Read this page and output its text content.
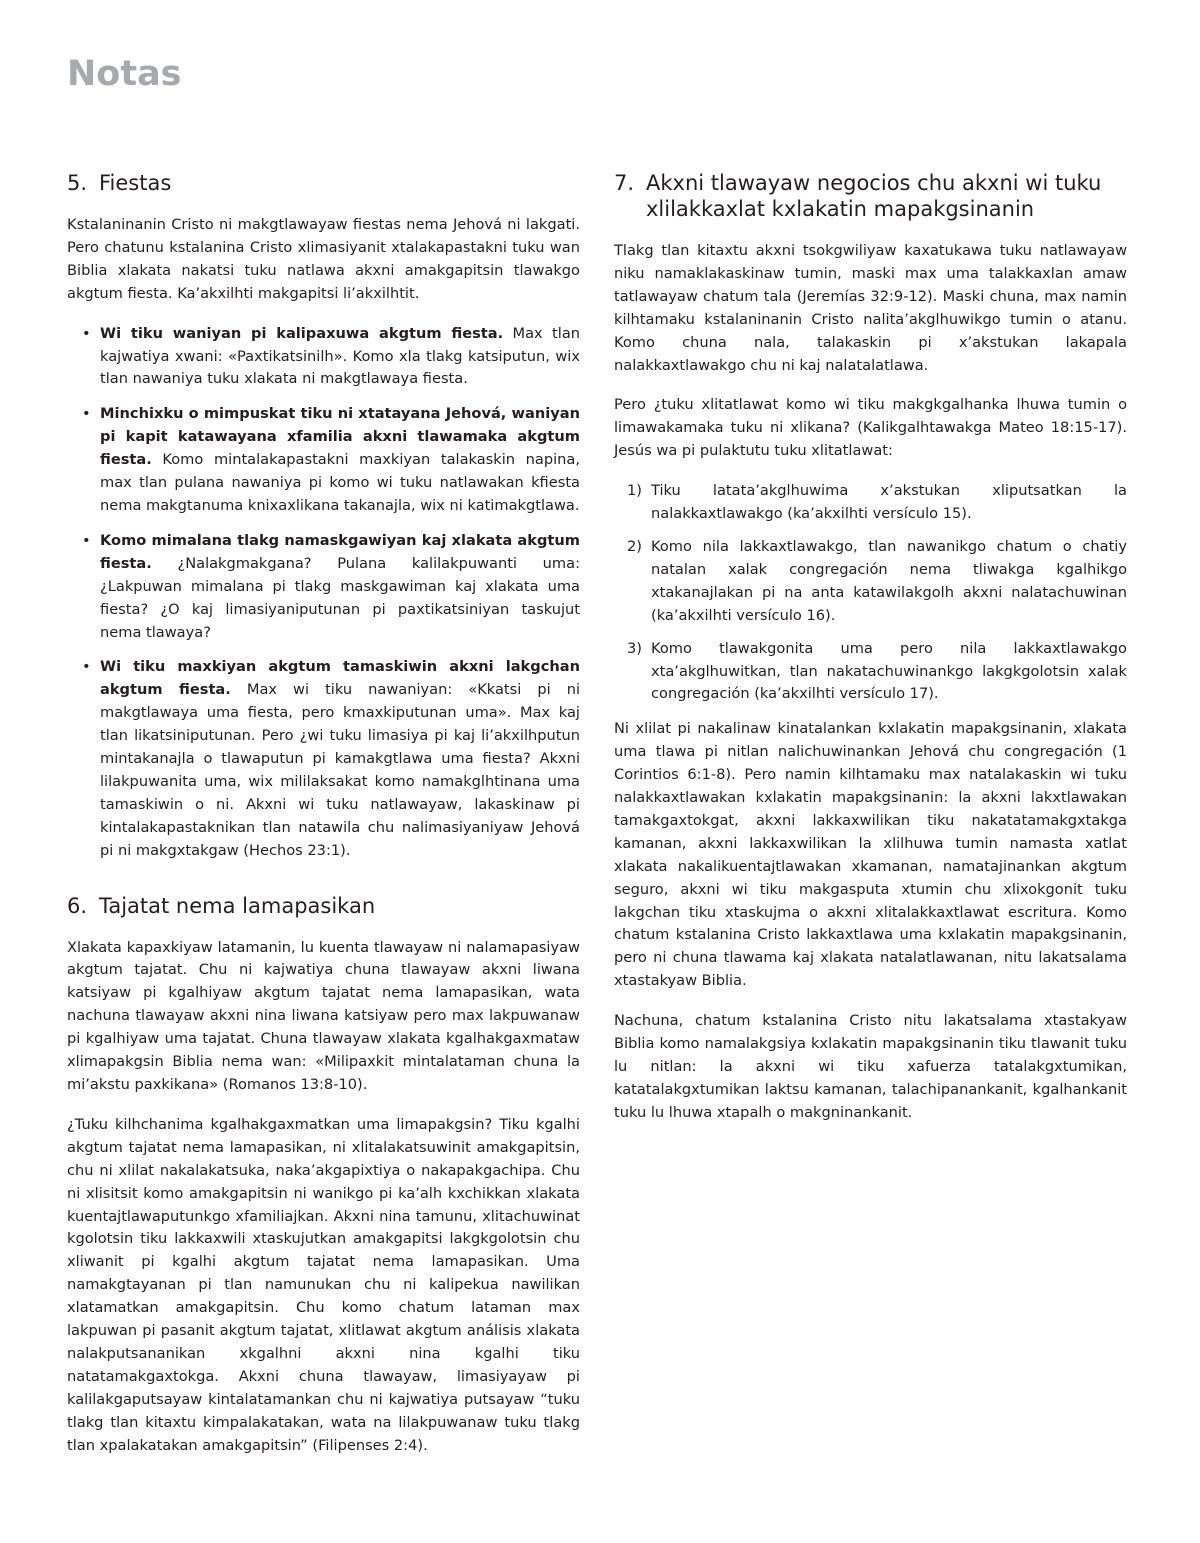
Notas
5. Fiestas

Kstalaninanin Cristo ni makgtlawayaw fiestas nema Jehová ni lakgati. Pero chatunu kstalanina Cristo xlimasiyanit xtalakapastakni tuku wan Biblia xlakata nakatsi tuku natlawa akxni amakgapitsin tlawakgo akgtum fiesta. Ka’akxilhti makgapitsi li’akxilhtit.

• Wi tiku waniyan pi kalipaxuwa akgtum fiesta. Max tlan kajwatiya xwani: «Paxtikatsinilh». Komo xla tlakg katsiputun, wix tlan nawaniya tuku xlakata ni makgtlawaya fiesta.
• Minchixku o mimpuskat tiku ni xtatayana Jehová, waniyan pi kapit katawayana xfamilia akxni tlawamaka akgtum fiesta. Komo mintalakapastakni maxkiyan talakaskin napina, max tlan pulana nawaniya pi komo wi tuku natlawakan kfiesta nema makgtanuma knixaxlikana takanajla, wix ni katimakgtlawa.
• Komo mimalana tlakg namaskgawiyan kaj xlakata akgtum fiesta. ¿Nalakgmakgana? Pulana kalilakpuwanti uma: ¿Lakpuwan mimalana pi tlakg maskgawiman kaj xlakata uma fiesta? ¿O kaj limasiyaniputunan pi paxtikatsiniyan taskujut nema tlawaya?
• Wi tiku maxkiyan akgtum tamaskiwin akxni lakgchan akgtum fiesta. Max wi tiku nawaniyan: «Kkatsi pi ni makgtlawaya uma fiesta, pero kmaxkiputunan uma». Max kaj tlan likatsiniputunan. Pero ¿wi tuku limasiya pi kaj li’akxilhputun mintakanajla o tlawaputun pi kamakgtlawa uma fiesta? Akxni lilakpuwanita uma, wix mililaksakat komo namakglhtinana uma tamaskiwin o ni. Akxni wi tuku natlawayaw, lakaskinaw pi kintalakapastaknikan tlan natawila chu nalimasiyaniyaw Jehová pi ni makgxtakgaw (Hechos 23:1).
6. Tajatat nema lamapasikan

Xlakata kapaxkiyaw latamanin, lu kuenta tlawayaw ni nalamapasiyaw akgtum tajatat. Chu ni kajwatiya chuna tlawayaw akxni liwana katsiyaw pi kgalhiyaw akgtum tajatat nema lamapasikan, wata nachuna tlawayaw akxni nina liwana katsiyaw pero max lakpuwanaw pi kgalhiyaw uma tajatat. Chuna tlawayaw xlakata kgalhakgaxmataw xlimapakgsin Biblia nema wan: «Milipaxkit mintalataman chuna la mi’akstu paxkikana» (Romanos 13:8-10).

¿Tuku kilhchanima kgalhakgaxmatkan uma limapakgsin? Tiku kgalhi akgtum tajatat nema lamapasikan, ni xlitalakatsuwinit amakgapitsin, chu ni xlilat nakalakatsuka, naka’akgapixtiya o nakapakgachipa. Chu ni xlisitsit komo amakgapitsin ni wanikgo pi ka’alh kxchikkan xlakata kuentajtlawaputunkgo xfamiliajkan. Akxni nina tamunu, xlitachuwinat kgolotsin tiku lakkaxwili xtaskujutkan amakgapitsi lakgkgolotsin chu xliwanit pi kgalhi akgtum tajatat nema lamapasikan. Uma namakgtayanan pi tlan namunukan chu ni kalipekua nawilikan xlatamatkan amakgapitsin. Chu komo chatum lataman max lakpuwan pi pasanit akgtum tajatat, xlitlawat akgtum análisis xlakata nalakputsananikan xkgalhni akxni nina kgalhi tiku natatamakgaxtokga. Akxni chuna tlawayaw, limasiyayaw pi kalilakgaputsayaw kintalatamankan chu ni kajwatiya putsayaw “tuku tlakg tlan kitaxtu kimpalakatakan, wata na lilakpuwanaw tuku tlakg tlan xpalakatakan amakgapitsin” (Filipenses 2:4).

7. Akxni tlawayaw negocios chu akxni wi tuku xlilakkaxlat kxlakatin mapakgsinanin

Tlakg tlan kitaxtu akxni tsokgwiliyaw kaxatukawa tuku natlawayaw niku namaklakaskinaw tumin, maski max uma talakkaxlan amaw tatlawayaw chatum tala (Jeremías 32:9-12). Maski chuna, max namin kilhtamaku kstalaninanin Cristo nalita’akglhuwikgo tumin o atanu. Komo chuna nala, talakaskin pi x’akstukan lakapala nalakkaxtlawakgo chu ni kaj nalatalatlawa.

Pero ¿tuku xlitatlawat komo wi tiku makgkgalhanka lhuwa tumin o limawakamaka tuku ni xlikana? (Kalikgalhtawakga Mateo 18:15-17). Jesús wa pi pulaktutu tuku xlitatlawat:

1) Tiku latata’akglhuwima x’akstukan xliputsatkan la nalakkaxtlawakgo (ka’akxilhti versículo 15).
2) Komo nila lakkaxtlawakgo, tlan nawanikgo chatum o chatiy natalan xalak congregación nema tliwakga kgalhikgo xtakanajlakan pi na anta katawilakgolh akxni nalatachuwinan (ka’akxilhti versículo 16).
3) Komo tlawakgonita uma pero nila lakkaxtlawakgo xta’akglhuwitkan, tlan nakatachuwinankgo lakgkgolotsin xalak congregación (ka’akxilhti versículo 17).

Ni xlilat pi nakalinaw kinatalankan kxlakatin mapakgsinanin, xlakata uma tlawa pi nitlan nalichuwinankan Jehová chu congregación (1 Corintios 6:1-8). Pero namin kilhtamaku max natalakaskin wi tuku nalakkaxtlawakan kxlakatin mapakgsinanin: la akxni lakxtlawakan tamakgaxtokgat, akxni lakkaxwilikan tiku nakatatamakgxtakga kamanan, akxni lakkaxwilikan la xlilhuwa tumin namasta xatlat xlakata nakalikuentajtlawakan xkamanan, namatajinankan akgtum seguro, akxni wi tiku makgasputa xtumin chu xlixokgonit tuku lakgchan tiku xtaskujma o akxni xlitalakkaxtlawat escritura. Komo chatum kstalanina Cristo lakkaxtlawa uma kxlakatin mapakgsinanin, pero ni chuna tlawama kaj xlakata natalatlawanan, nitu lakatsalama xtastakyaw Biblia.

Nachuna, chatum kstalanina Cristo nitu lakatsalama xtastakyaw Biblia komo namalakgsiya kxlakatin mapakgsinanin tiku tlawanit tuku lu nitlan: la akxni wi tiku xafuerza tatalakgxtumikan, katatalakgxtumikan laktsu kamanan, talachipanankanit, kgalhankanit tuku lu lhuwa xtapalh o makgninankanit.
